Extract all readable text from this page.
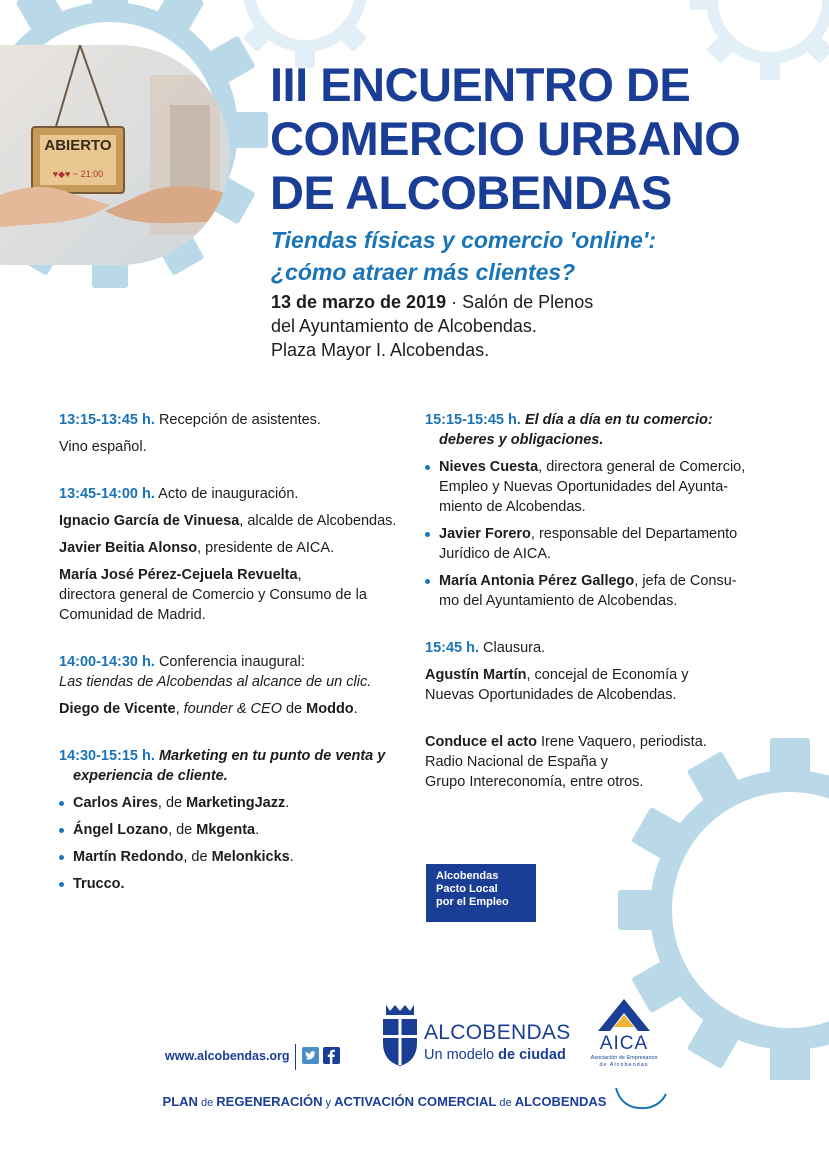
ABIERTO
♥◆♥ ~ 21:00
III ENCUENTRO DE
COMERCIO URBANO
DE ALCOBENDAS
Tiendas físicas y comercio 'online':
¿cómo atraer más clientes?
13 de marzo de 2019 · Salón de Plenos
del Ayuntamiento de Alcobendas.
Plaza Mayor I. Alcobendas.

13:15-13:45 h. Recepción de asistentes.

Vino español.

13:45-14:00 h. Acto de inauguración.

Ignacio García de Vinuesa, alcalde de Alcobendas.

Javier Beitia Alonso, presidente de AICA.

María José Pérez-Cejuela Revuelta,

directora general de Comercio y Consumo de la

Comunidad de Madrid.

14:00-14:30 h. Conferencia inaugural:

Las tiendas de Alcobendas al alcance de un clic.

Diego de Vicente, founder & CEO de Moddo.

14:30-15:15 h. Marketing en tu punto de venta y

experiencia de cliente.

Carlos Aires, de MarketingJazz.

Ángel Lozano, de Mkgenta.

Martín Redondo, de Melonkicks.

Trucco.

15:15-15:45 h. El día a día en tu comercio:

deberes y obligaciones.

Nieves Cuesta, directora general de Comercio,

Empleo y Nuevas Oportunidades del Ayunta-

miento de Alcobendas.

Javier Forero, responsable del Departamento

Jurídico de AICA.

María Antonia Pérez Gallego, jefa de Consu-

mo del Ayuntamiento de Alcobendas.

15:45 h. Clausura.

Agustín Martín, concejal de Economía y

Nuevas Oportunidades de Alcobendas.

Conduce el acto Irene Vaquero, periodista.

Radio Nacional de España y

Grupo Intereconomía, entre otros.

Alcobendas
Pacto Local
por el Empleo
www.alcobendas.org
ALCOBENDAS
Un modelo de ciudad
AICA
Asociación de Empresarios
de Alcobendas
PLAN de REGENERACIÓN y ACTIVACIÓN COMERCIAL de ALCOBENDAS
